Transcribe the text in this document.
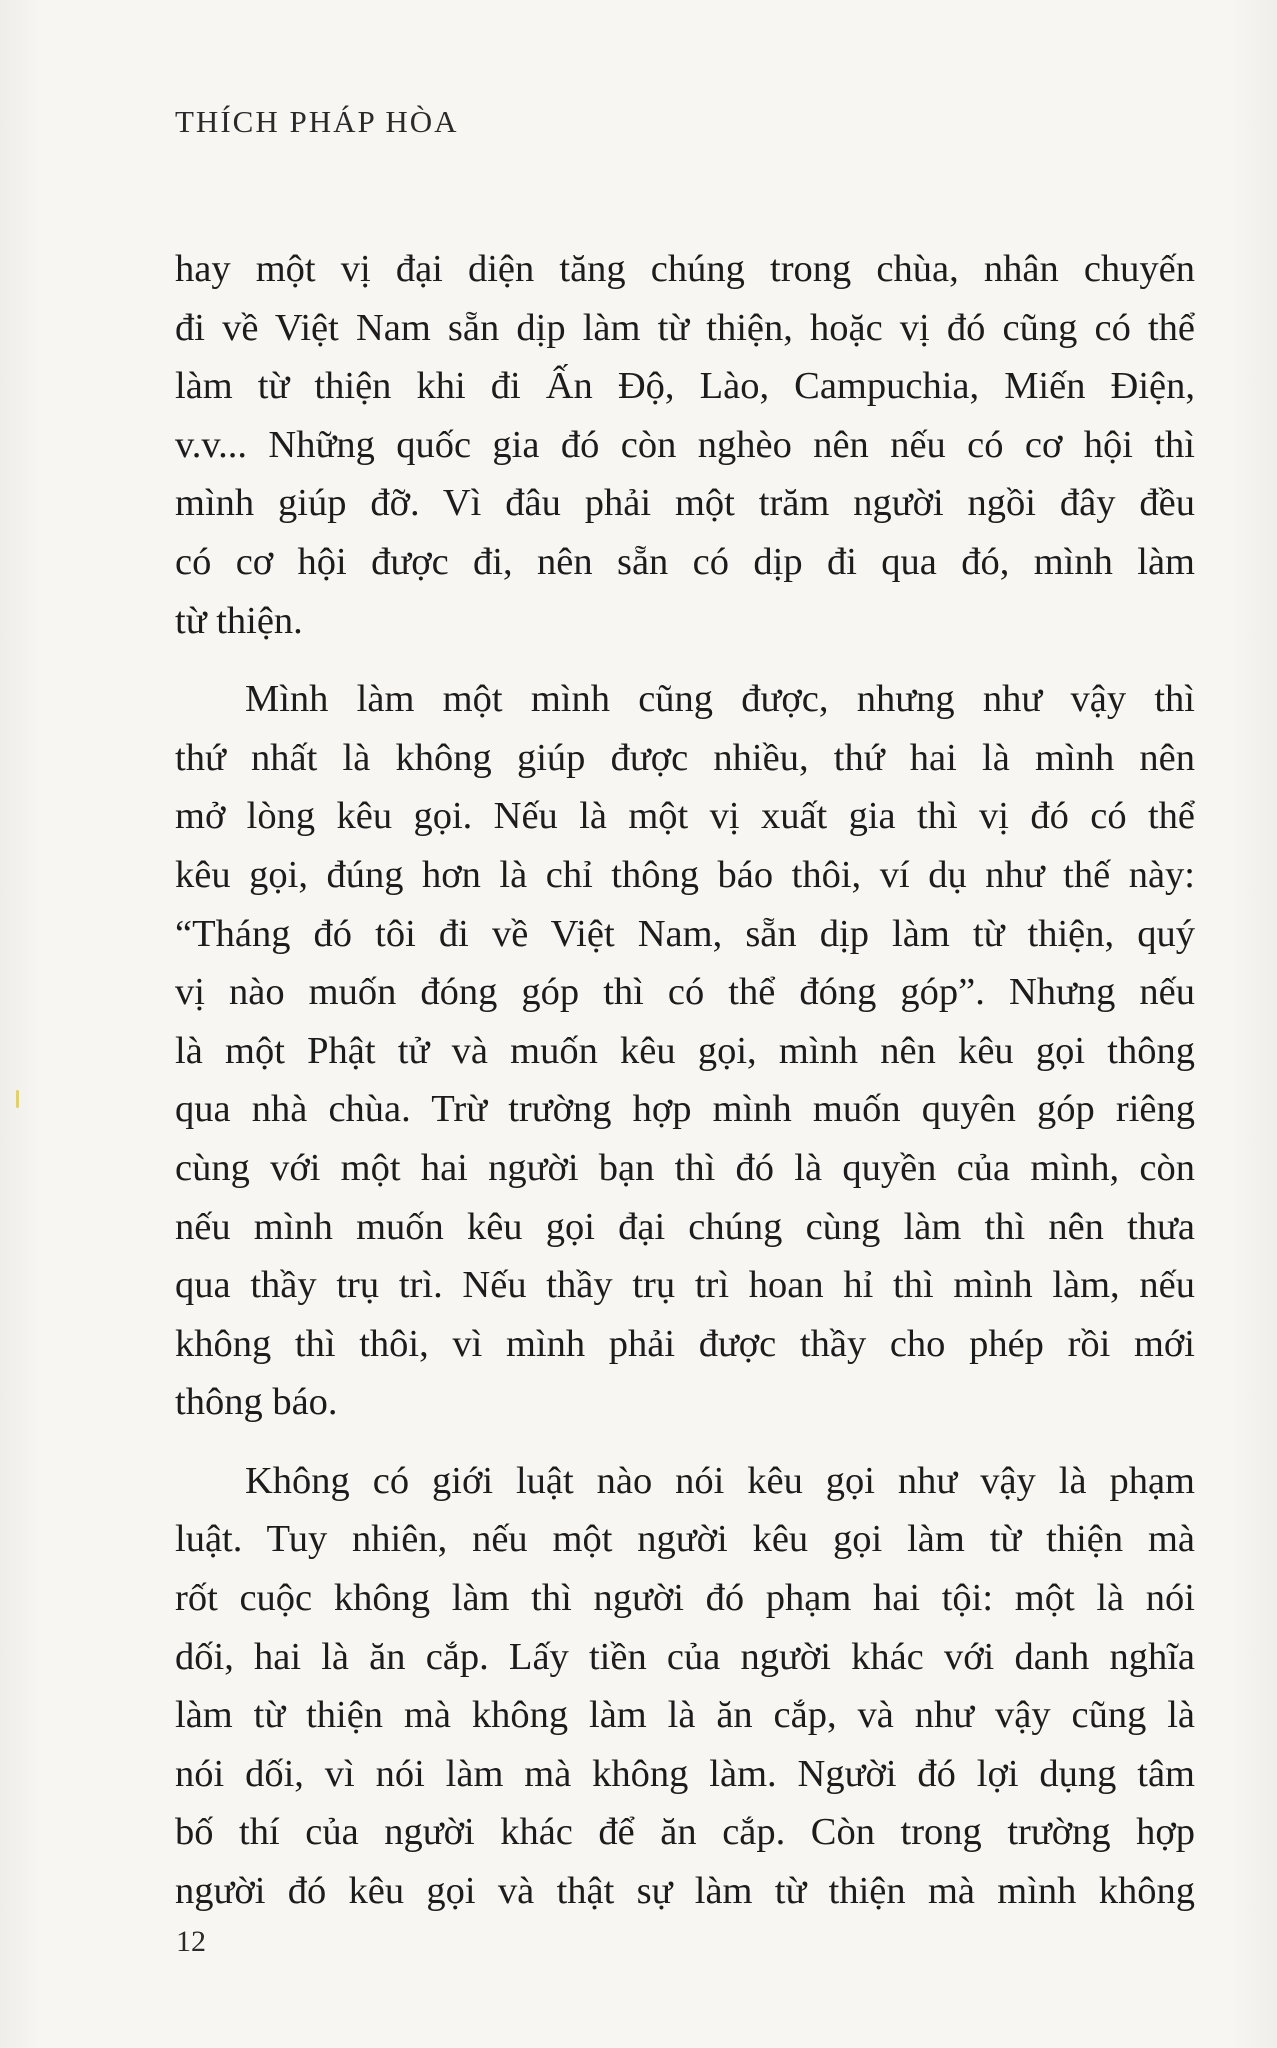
THÍCH PHÁP HÒA
hay một vị đại diện tăng chúng trong chùa, nhân chuyến
đi về Việt Nam sẵn dịp làm từ thiện, hoặc vị đó cũng có thể
làm từ thiện khi đi Ấn Độ, Lào, Campuchia, Miến Điện,
v.v... Những quốc gia đó còn nghèo nên nếu có cơ hội thì
mình giúp đỡ. Vì đâu phải một trăm người ngồi đây đều
có cơ hội được đi, nên sẵn có dịp đi qua đó, mình làm
từ thiện.
Mình làm một mình cũng được, nhưng như vậy thì
thứ nhất là không giúp được nhiều, thứ hai là mình nên
mở lòng kêu gọi. Nếu là một vị xuất gia thì vị đó có thể
kêu gọi, đúng hơn là chỉ thông báo thôi, ví dụ như thế này:
“Tháng đó tôi đi về Việt Nam, sẵn dịp làm từ thiện, quý
vị nào muốn đóng góp thì có thể đóng góp”. Nhưng nếu
là một Phật tử và muốn kêu gọi, mình nên kêu gọi thông
qua nhà chùa. Trừ trường hợp mình muốn quyên góp riêng
cùng với một hai người bạn thì đó là quyền của mình, còn
nếu mình muốn kêu gọi đại chúng cùng làm thì nên thưa
qua thầy trụ trì. Nếu thầy trụ trì hoan hỉ thì mình làm, nếu
không thì thôi, vì mình phải được thầy cho phép rồi mới
thông báo.
Không có giới luật nào nói kêu gọi như vậy là phạm
luật. Tuy nhiên, nếu một người kêu gọi làm từ thiện mà
rốt cuộc không làm thì người đó phạm hai tội: một là nói
dối, hai là ăn cắp. Lấy tiền của người khác với danh nghĩa
làm từ thiện mà không làm là ăn cắp, và như vậy cũng là
nói dối, vì nói làm mà không làm. Người đó lợi dụng tâm
bố thí của người khác để ăn cắp. Còn trong trường hợp
người đó kêu gọi và thật sự làm từ thiện mà mình không
12
